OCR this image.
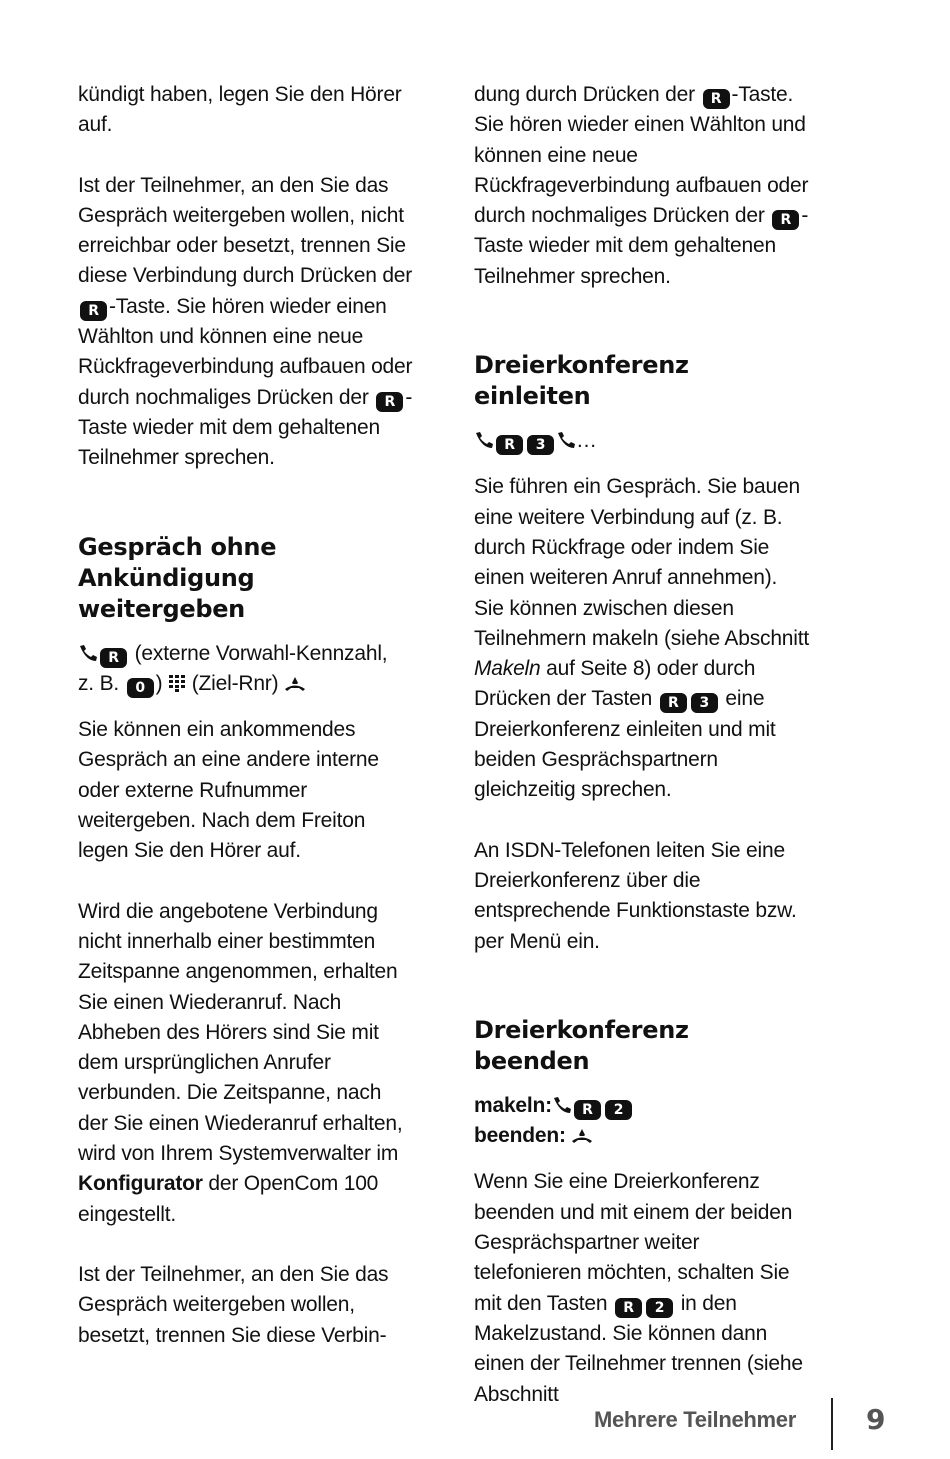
kündigt haben, legen Sie den Hörer auf.

Ist der Teilnehmer, an den Sie das Gespräch weitergeben wollen, nicht erreichbar oder besetzt, trennen Sie diese Verbindung durch Drücken der R -Taste. Sie hören wieder einen Wählton und können eine neue Rückfrageverbindung aufbauen oder durch nochmaliges Drücken der R -Taste wieder mit dem gehaltenen Teilnehmer sprechen.

Gespräch ohne Ankündigung weitergeben

R (externe Vorwahl-Kennzahl,
z. B. 0 ) (Ziel-Rnr)

Sie können ein ankommendes Gespräch an eine andere interne oder externe Rufnummer weitergeben. Nach dem Freiton legen Sie den Hörer auf.

Wird die angebotene Verbindung nicht innerhalb einer bestimmten Zeitspanne angenommen, erhalten Sie einen Wiederanruf. Nach Abheben des Hörers sind Sie mit dem ursprünglichen Anrufer verbunden. Die Zeitspanne, nach der Sie einen Wiederanruf erhalten, wird von Ihrem Systemverwalter im Konfigurator der OpenCom 100 eingestellt.

Ist der Teilnehmer, an den Sie das Gespräch weitergeben wollen, besetzt, trennen Sie diese Verbin-

dung durch Drücken der R -Taste. Sie hören wieder einen Wählton und können eine neue Rückfrageverbindung aufbauen oder durch nochmaliges Drücken der R -Taste wieder mit dem gehaltenen Teilnehmer sprechen.

Dreierkonferenz einleiten

R 3 …

Sie führen ein Gespräch. Sie bauen eine weitere Verbindung auf (z. B. durch Rückfrage oder indem Sie einen weiteren Anruf annehmen). Sie können zwischen diesen Teilnehmern makeln (siehe Abschnitt Makeln auf Seite 8) oder durch Drücken der Tasten R 3 eine Dreierkonferenz einleiten und mit beiden Gesprächspartnern gleichzeitig sprechen.

An ISDN-Telefonen leiten Sie eine Dreierkonferenz über die entsprechende Funktionstaste bzw. per Menü ein.

Dreierkonferenz beenden

makeln: R 2
beenden:

Wenn Sie eine Dreierkonferenz beenden und mit einem der beiden Gesprächspartner weiter telefonieren möchten, schalten Sie mit den Tasten R 2 in den Makelzustand. Sie können dann einen der Teilnehmer trennen (siehe Abschnitt

Mehrere Teilnehmer	9
